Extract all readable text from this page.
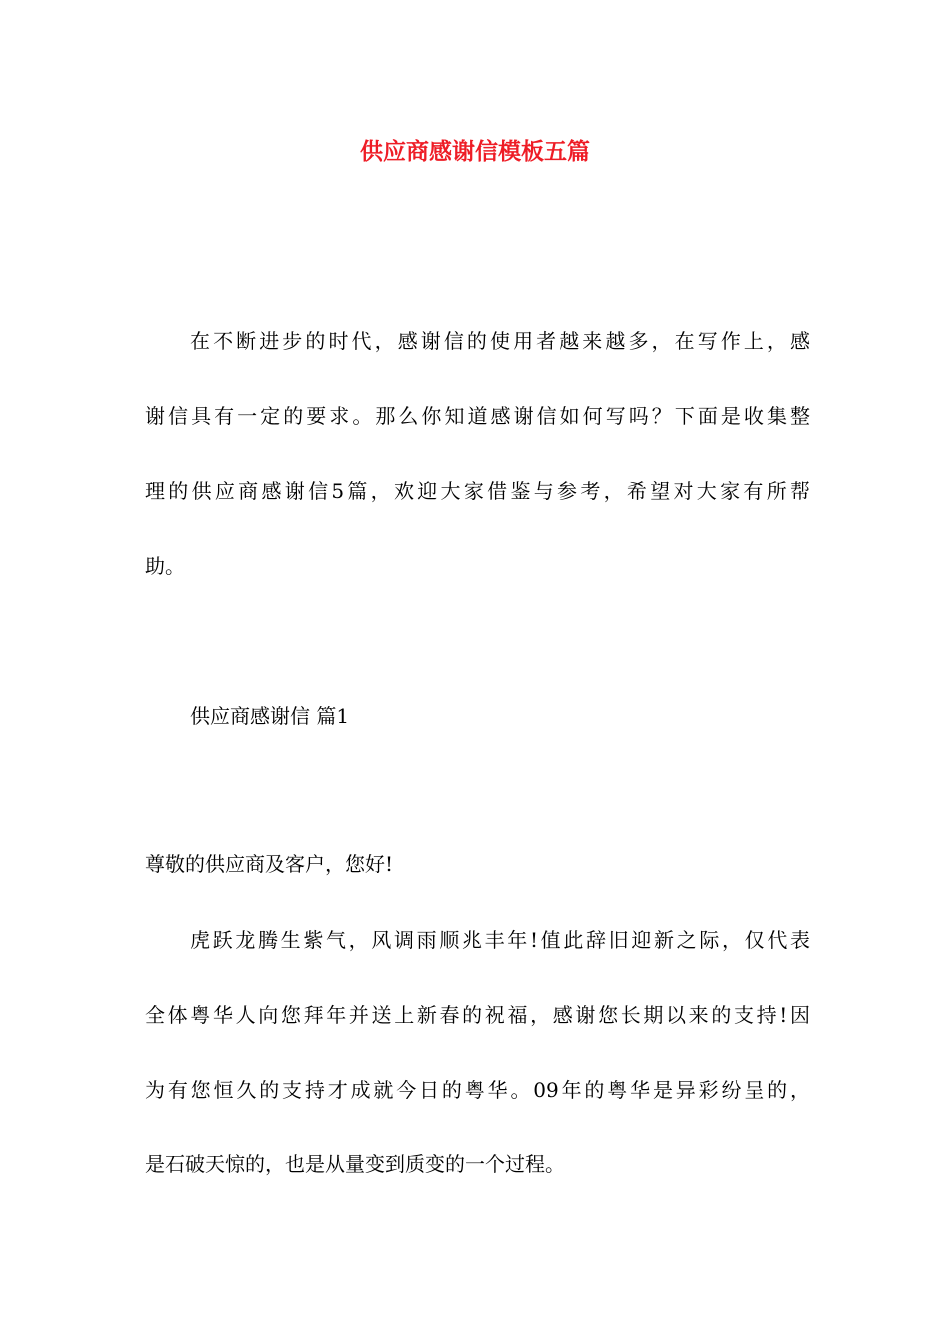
供应商感谢信模板五篇

在不断进步的时代，感谢信的使用者越来越多，在写作上，感

谢信具有一定的要求。那么你知道感谢信如何写吗？下面是收集整

理的供应商感谢信5篇，欢迎大家借鉴与参考，希望对大家有所帮

助。

供应商感谢信 篇1

尊敬的供应商及客户，您好!

虎跃龙腾生紫气，风调雨顺兆丰年!值此辞旧迎新之际，仅代表

全体粤华人向您拜年并送上新春的祝福，感谢您长期以来的支持!因

为有您恒久的支持才成就今日的粤华。09年的粤华是异彩纷呈的，

是石破天惊的，也是从量变到质变的一个过程。
